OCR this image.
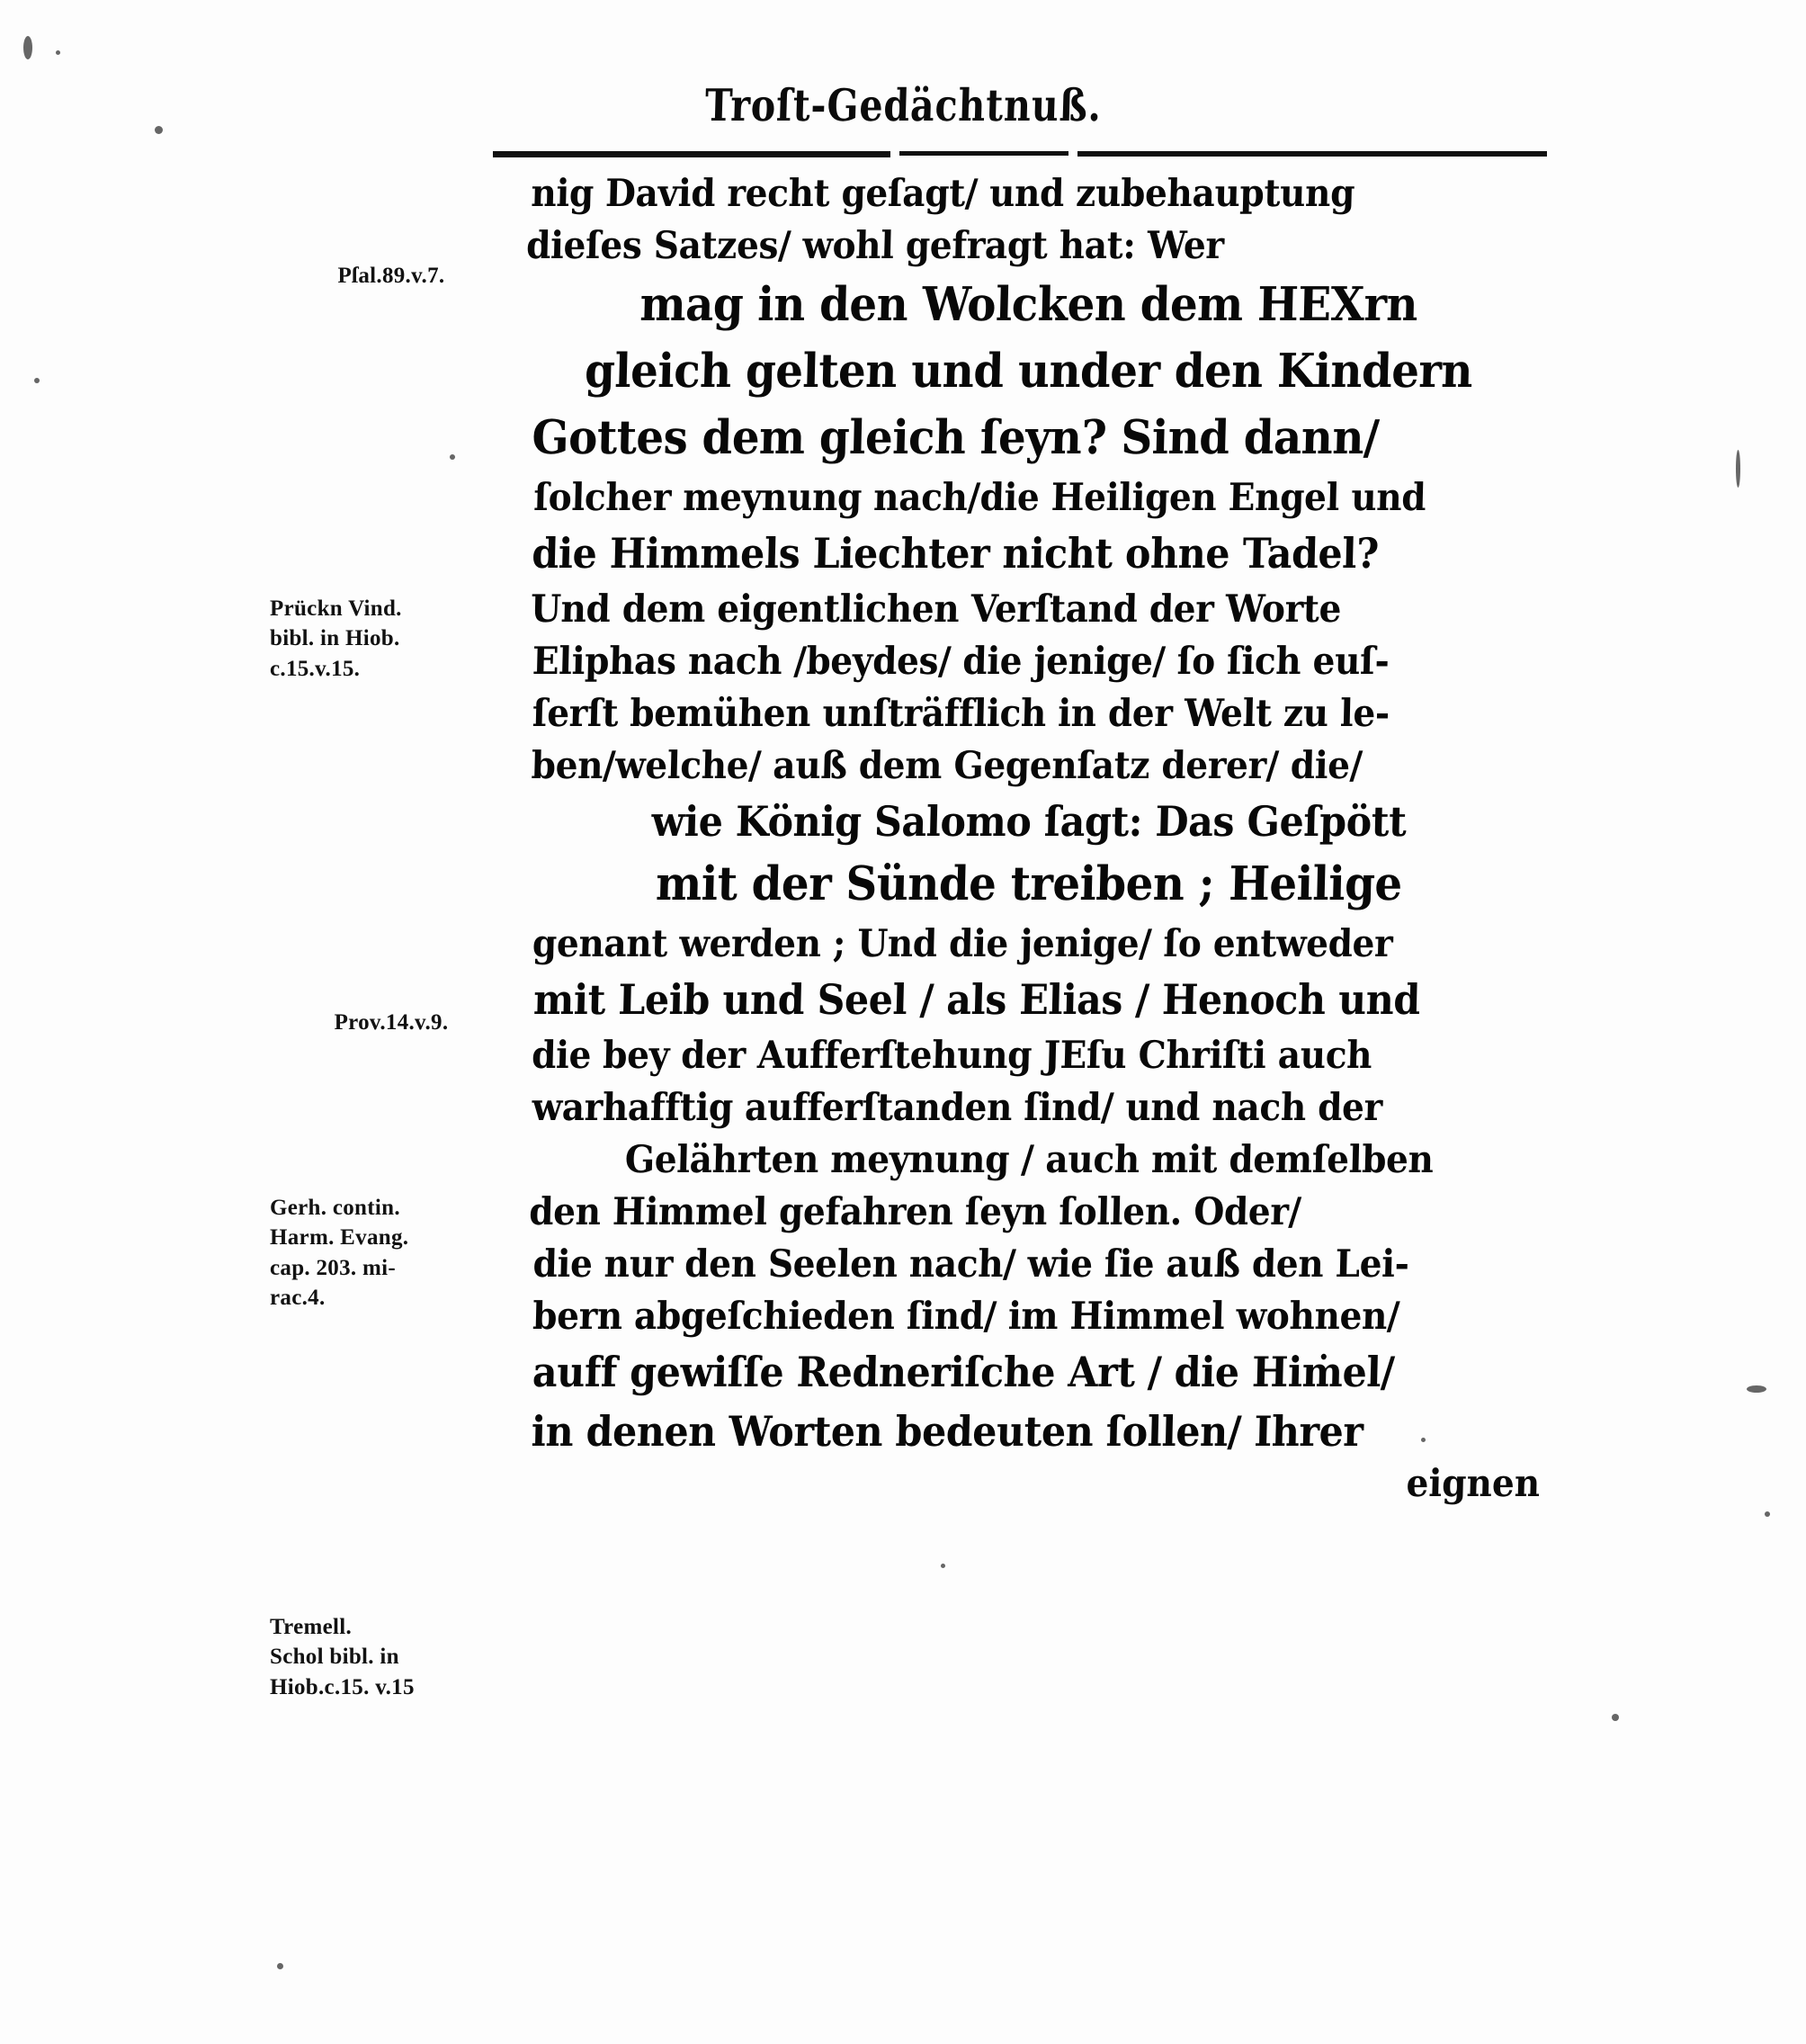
Troſt-Gedächtnuß.
Pſal.89.v.7.
Prückn Vind.
bibl. in Hiob.
c.15.v.15.
Prov.14.v.9.
Gerh. contin.
Harm. Evang.
cap. 203. mi-
rac.4.
Tremell.
Schol bibl. in
Hiob.c.15. v.15
nig David recht geſagt/ und zubehauptung
dieſes Satzes/ wohl gefragt hat: Wer
mag in den Wolcken dem HEXrn
gleich gelten und under den Kindern
Gottes dem gleich ſeyn? Sind dann/
ſolcher meynung nach/die Heiligen Engel und
die Himmels Liechter nicht ohne Tadel?
Und dem eigentlichen Verſtand der Worte
Eliphas nach /beydes/ die jenige/ ſo ſich euſ-
ſerſt bemühen unſträfflich in der Welt zu le-
ben/welche/ auß dem Gegenſatz derer/ die/
wie König Salomo ſagt: Das Geſpött
mit der Sünde treiben ; Heilige
genant werden ; Und die jenige/ ſo entweder
mit Leib und Seel / als Elias / Henoch und
die bey der Aufferſtehung JEſu Chriſti auch
warhafftig aufferſtanden ſind/ und nach der
Gelährten meynung / auch mit demſelben
den Himmel gefahren ſeyn ſollen. Oder/
die nur den Seelen nach/ wie ſie auß den Lei-
bern abgeſchieden ſind/ im Himmel wohnen/
auff gewiſſe Redneriſche Art / die Hiṁel/
in denen Worten bedeuten ſollen/ Ihrer
eignen
